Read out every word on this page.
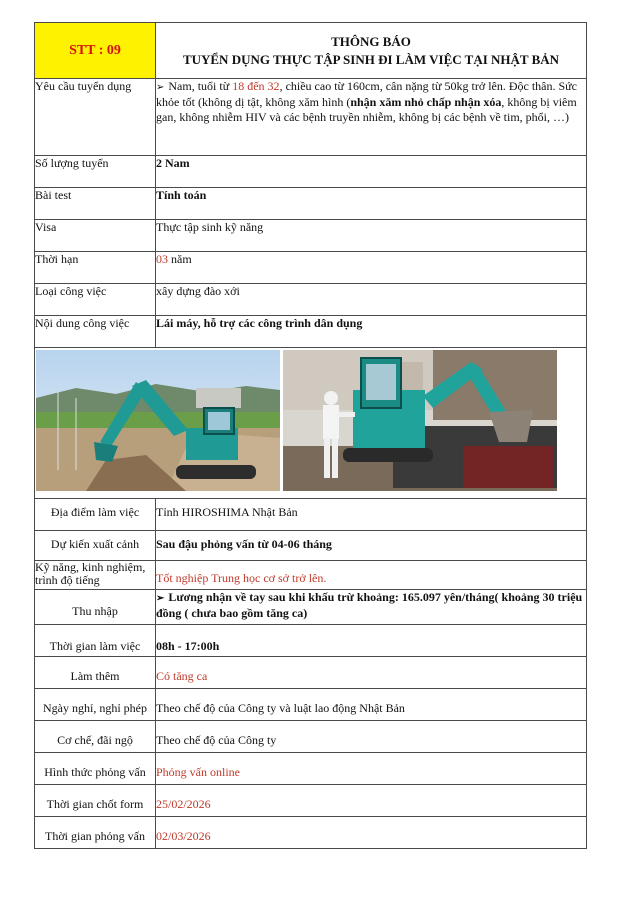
STT : 09	THÔNG BÁO
TUYỂN DỤNG THỰC TẬP SINH ĐI LÀM VIỆC TẠI NHẬT BẢN

Yêu cầu tuyển dụng	➢ Nam, tuổi từ 18 đến 32, chiều cao từ 160cm, cân nặng từ 50kg trở lên. Độc thân. Sức khỏe tốt (không dị tật, không xăm hình (nhận xăm nhỏ chấp nhận xóa, không bị viêm gan, không nhiễm HIV và các bệnh truyền nhiễm, không bị các bệnh về tim, phổi, …)
Số lượng tuyển	2 Nam
Bài test	Tính toán
Visa	Thực tập sinh kỹ năng
Thời hạn	03 năm
Loại công việc	xây dựng đào xới
Nội dung công việc	Lái máy, hỗ trợ các công trình dân dụng

Địa điểm làm việc	Tỉnh HIROSHIMA Nhật Bản
Dự kiến xuất cảnh	Sau đậu phỏng vấn từ 04-06 tháng
Kỹ năng, kinh nghiệm, trình độ tiếng	Tốt nghiệp Trung học cơ sở trở lên.
Thu nhập	➢ Lương nhận về tay sau khi khấu trừ khoảng: 165.097 yên/tháng( khoảng 30 triệu đồng ( chưa bao gồm tăng ca)
Thời gian làm việc	08h - 17:00h
Làm thêm	Có tăng ca
Ngày nghỉ, nghỉ phép	Theo chế độ của Công ty và luật lao động Nhật Bản
Cơ chế, đãi ngộ	Theo chế độ của Công ty
Hình thức phỏng vấn	Phỏng vấn online
Thời gian chốt form	25/02/2026
Thời gian phỏng vấn	02/03/2026
